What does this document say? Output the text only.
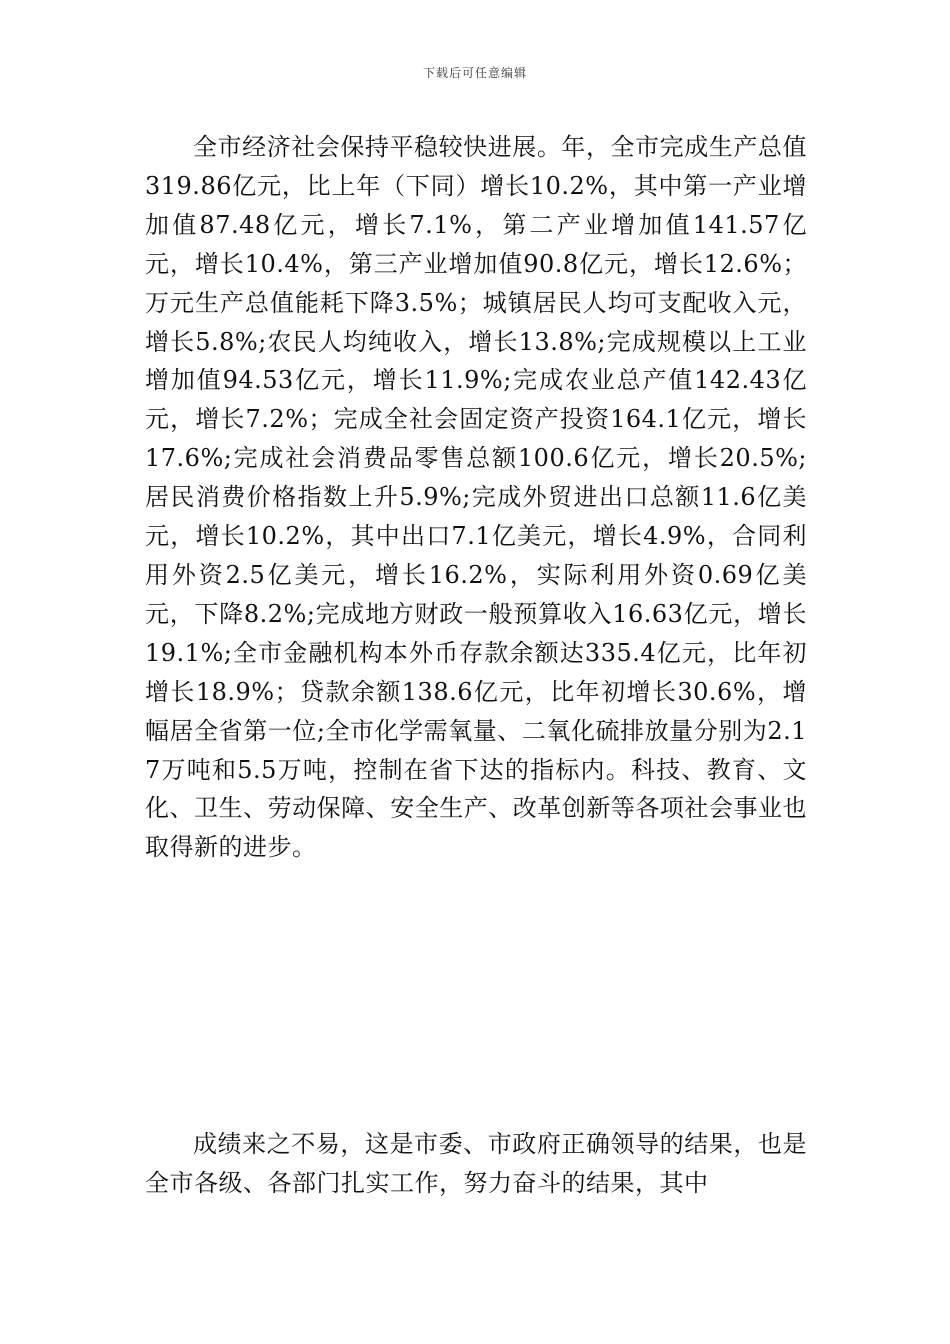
下载后可任意编辑

全市经济社会保持平稳较快进展。年，全市完成生产总值319.86亿元，比上年（下同）增长10.2%，其中第一产业增加值87.48亿元，增长7.1%，第二产业增加值141.57亿元，增长10.4%，第三产业增加值90.8亿元，增长12.6%；万元生产总值能耗下降3.5%；城镇居民人均可支配收入元，增长5.8%;农民人均纯收入，增长13.8%;完成规模以上工业增加值94.53亿元，增长11.9%;完成农业总产值142.43亿元，增长7.2%；完成全社会固定资产投资164.1亿元，增长17.6%;完成社会消费品零售总额100.6亿元，增长20.5%;居民消费价格指数上升5.9%;完成外贸进出口总额11.6亿美元，增长10.2%，其中出口7.1亿美元，增长4.9%，合同利用外资2.5亿美元，增长16.2%，实际利用外资0.69亿美元，下降8.2%;完成地方财政一般预算收入16.63亿元，增长19.1%;全市金融机构本外币存款余额达335.4亿元，比年初增长18.9%；贷款余额138.6亿元，比年初增长30.6%，增幅居全省第一位;全市化学需氧量、二氧化硫排放量分别为2.17万吨和5.5万吨，控制在省下达的指标内。科技、教育、文化、卫生、劳动保障、安全生产、改革创新等各项社会事业也取得新的进步。

成绩来之不易，这是市委、市政府正确领导的结果，也是全市各级、各部门扎实工作，努力奋斗的结果，其中
